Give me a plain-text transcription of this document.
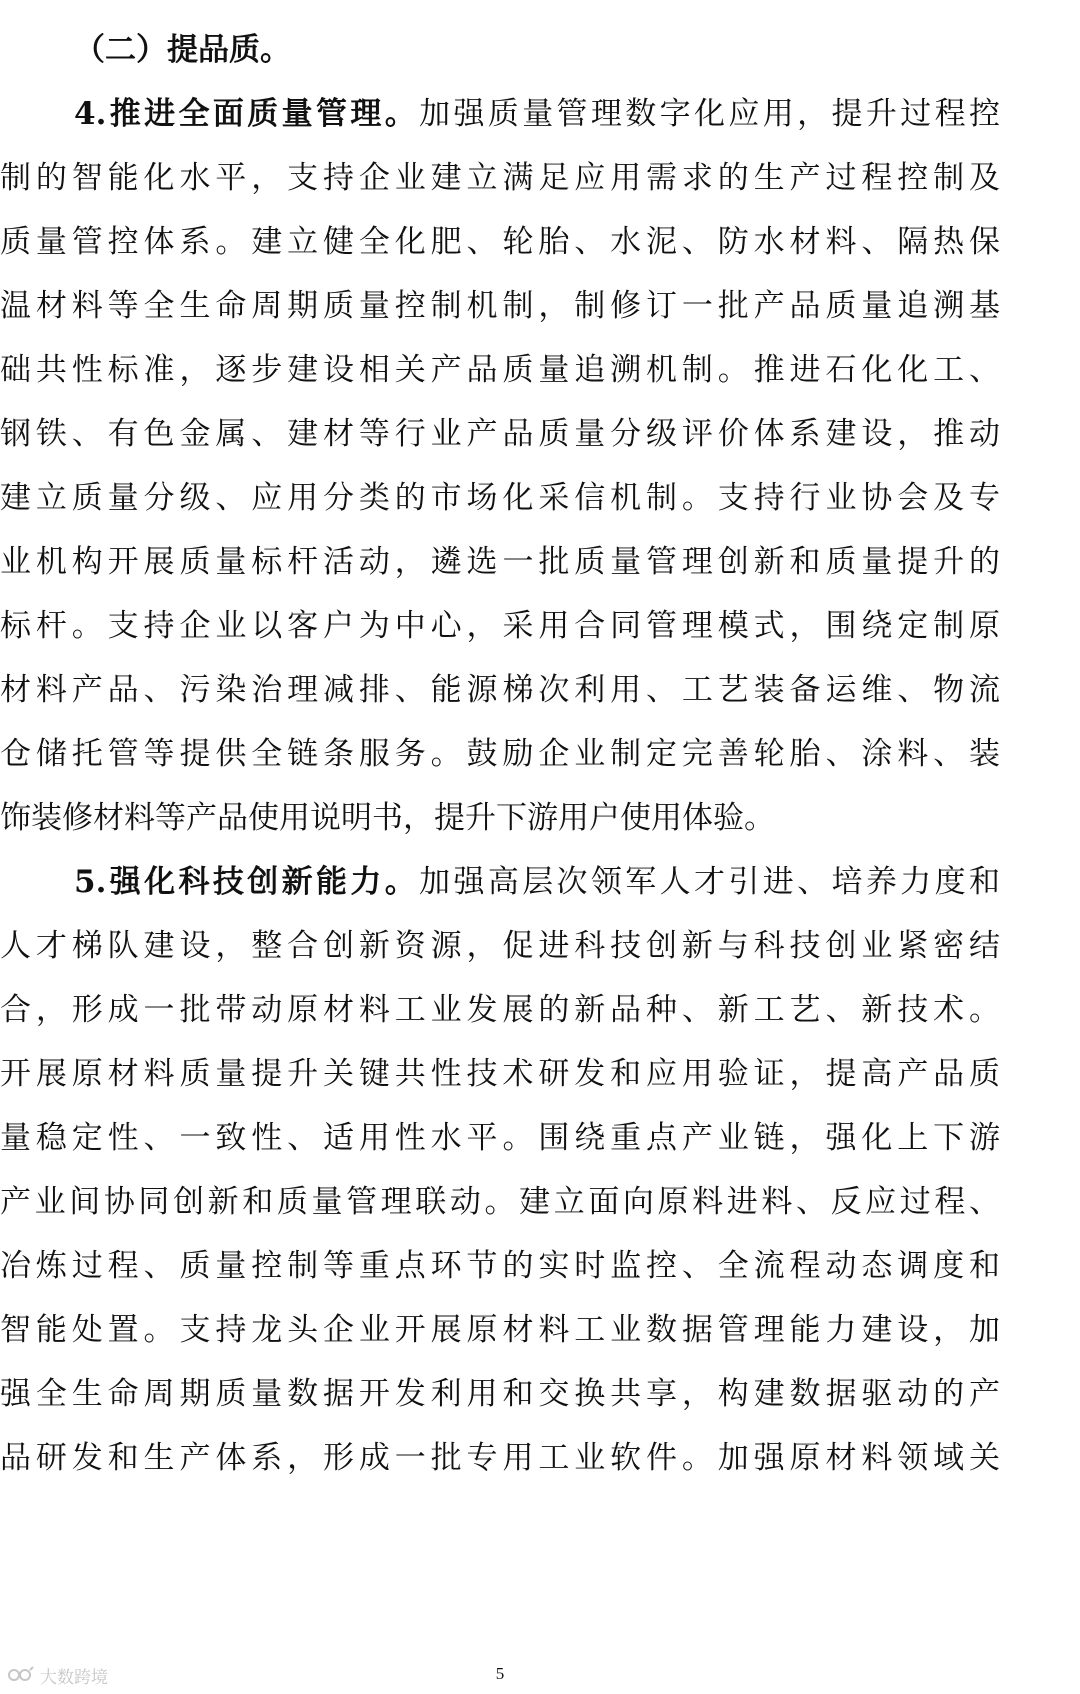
（二）提品质。
4.推进全面质量管理。加强质量管理数字化应用，提升过程控
制的智能化水平，支持企业建立满足应用需求的生产过程控制及
质量管控体系。建立健全化肥、轮胎、水泥、防水材料、隔热保
温材料等全生命周期质量控制机制，制修订一批产品质量追溯基
础共性标准，逐步建设相关产品质量追溯机制。推进石化化工、
钢铁、有色金属、建材等行业产品质量分级评价体系建设，推动
建立质量分级、应用分类的市场化采信机制。支持行业协会及专
业机构开展质量标杆活动，遴选一批质量管理创新和质量提升的
标杆。支持企业以客户为中心，采用合同管理模式，围绕定制原
材料产品、污染治理减排、能源梯次利用、工艺装备运维、物流
仓储托管等提供全链条服务。鼓励企业制定完善轮胎、涂料、装
饰装修材料等产品使用说明书，提升下游用户使用体验。
5.强化科技创新能力。加强高层次领军人才引进、培养力度和
人才梯队建设，整合创新资源，促进科技创新与科技创业紧密结
合，形成一批带动原材料工业发展的新品种、新工艺、新技术。
开展原材料质量提升关键共性技术研发和应用验证，提高产品质
量稳定性、一致性、适用性水平。围绕重点产业链，强化上下游
产业间协同创新和质量管理联动。建立面向原料进料、反应过程、
冶炼过程、质量控制等重点环节的实时监控、全流程动态调度和
智能处置。支持龙头企业开展原材料工业数据管理能力建设，加
强全生命周期质量数据开发利用和交换共享，构建数据驱动的产
品研发和生产体系，形成一批专用工业软件。加强原材料领域关
大数跨境	5
